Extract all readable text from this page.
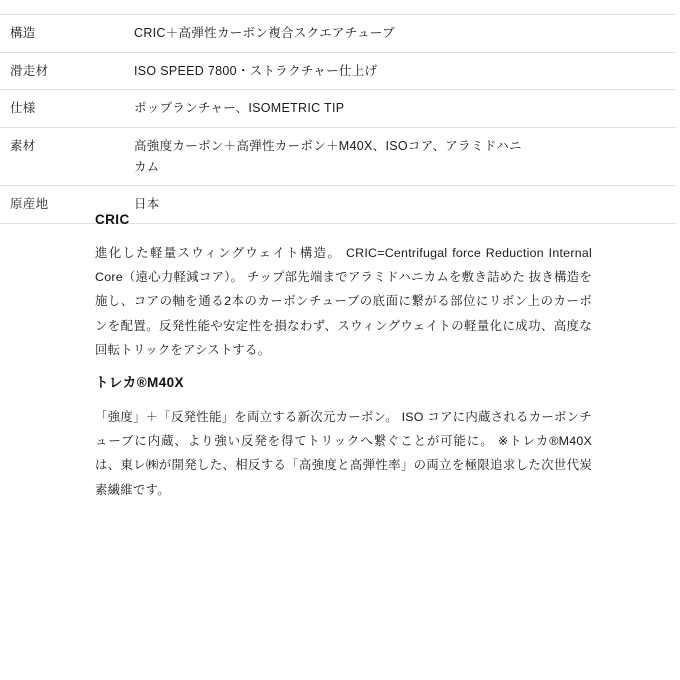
構造	CRIC＋高弾性カーボン複合スクエアチューブ
滑走材	ISO SPEED 7800・ストラクチャー仕上げ
仕様	ポップランチャー、ISOMETRIC TIP
素材	高強度カーボン＋高弾性カーボン＋M40X、ISOコア、アラミドハニカム
原産地	日本
CRIC

進化した軽量スウィングウェイト構造。 CRIC=Centrifugal force Reduction Internal Core（遠心力軽減コア）。 チップ部先端までアラミドハニカムを敷き詰めた 抜き構造を施し、コアの軸を通る2本のカーボンチューブの底面に繋がる部位にリボン上のカーボンを配置。反発性能や安定性を損なわず、スウィングウェイトの軽量化に成功、高度な回転トリックをアシストする。

トレカ®M40X

「強度」＋「反発性能」を両立する新次元カーボン。 ISO コアに内蔵されるカーボンチューブに内蔵、より強い反発を得てトリックへ繋ぐことが可能に。 ※トレカ®M40Xは、東レ㈱が開発した、相反する「高強度と高弾性率」の両立を極限追求した次世代炭素繊維です。
